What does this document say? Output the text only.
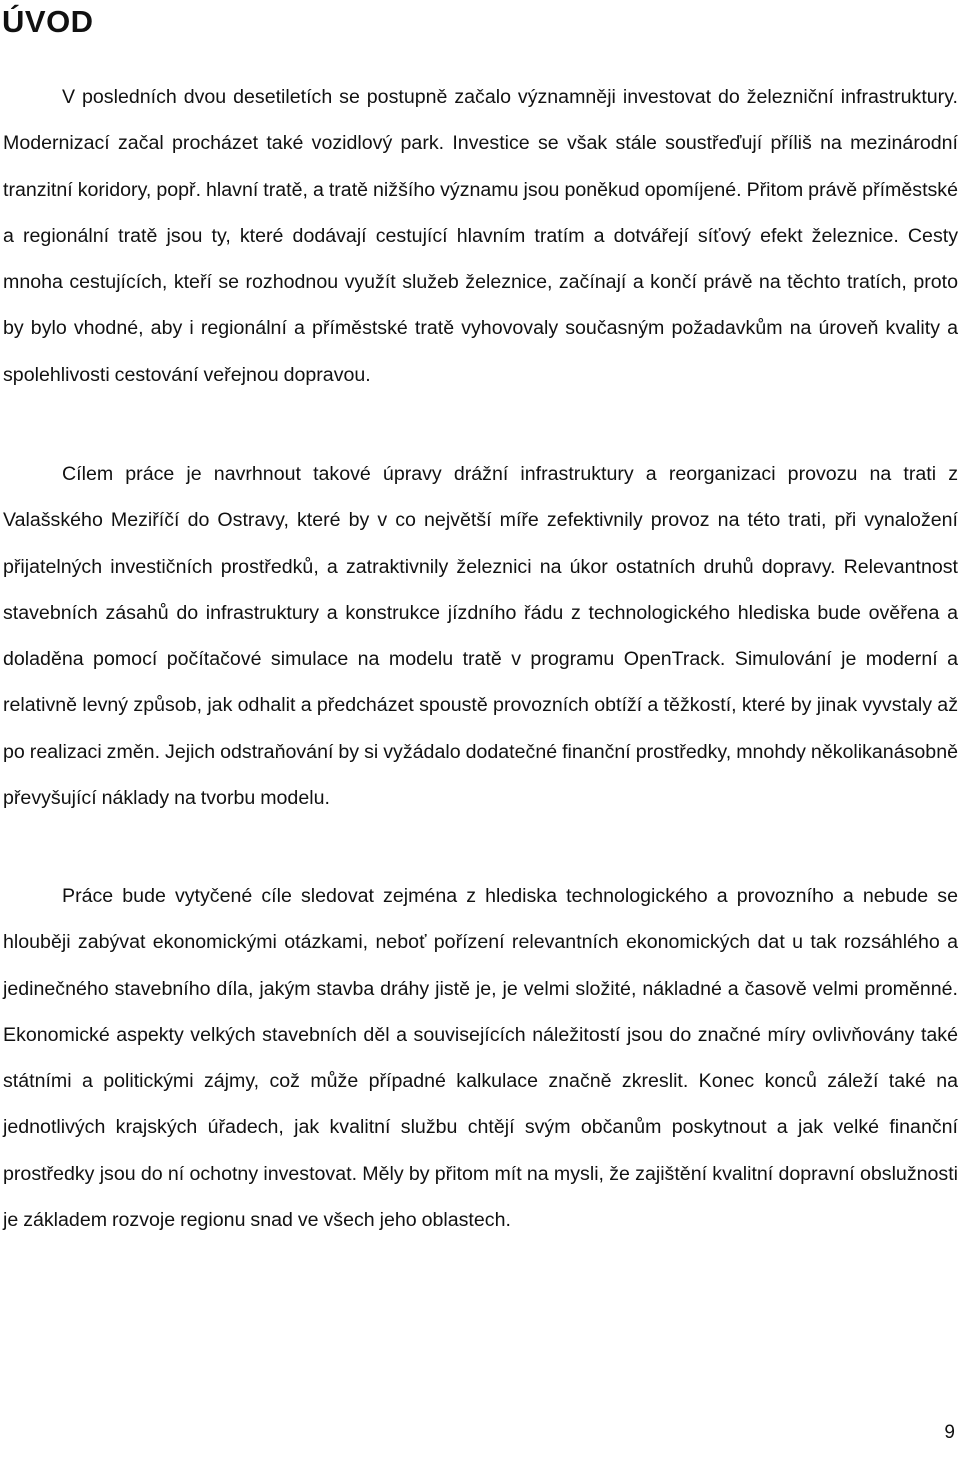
ÚVOD

V posledních dvou desetiletích se postupně začalo významněji investovat do železniční infrastruktury. Modernizací začal procházet také vozidlový park. Investice se však stále soustřeďují příliš na mezinárodní tranzitní koridory, popř. hlavní tratě, a tratě nižšího významu jsou poněkud opomíjené. Přitom právě příměstské a regionální tratě jsou ty, které dodávají cestující hlavním tratím a dotvářejí síťový efekt železnice. Cesty mnoha cestujících, kteří se rozhodnou využít služeb železnice, začínají a končí právě na těchto tratích, proto by bylo vhodné, aby i regionální a příměstské tratě vyhovovaly současným požadavkům na úroveň kvality a spolehlivosti cestování veřejnou dopravou.

Cílem práce je navrhnout takové úpravy drážní infrastruktury a reorganizaci provozu na trati z Valašského Meziříčí do Ostravy, které by v co největší míře zefektivnily provoz na této trati, při vynaložení přijatelných investičních prostředků, a zatraktivnily železnici na úkor ostatních druhů dopravy. Relevantnost stavebních zásahů do infrastruktury a konstrukce jízdního řádu z technologického hlediska bude ověřena a doladěna pomocí počítačové simulace na modelu tratě v programu OpenTrack. Simulování je moderní a relativně levný způsob, jak odhalit a předcházet spoustě provozních obtíží a těžkostí, které by jinak vyvstaly až po realizaci změn. Jejich odstraňování by si vyžádalo dodatečné finanční prostředky, mnohdy několikanásobně převyšující náklady na tvorbu modelu.

Práce bude vytyčené cíle sledovat zejména z hlediska technologického a provozního a nebude se hlouběji zabývat ekonomickými otázkami, neboť pořízení relevantních ekonomických dat u tak rozsáhlého a jedinečného stavebního díla, jakým stavba dráhy jistě je, je velmi složité, nákladné a časově velmi proměnné. Ekonomické aspekty velkých stavebních děl a souvisejících náležitostí jsou do značné míry ovlivňovány také státními a politickými zájmy, což může případné kalkulace značně zkreslit. Konec konců záleží také na jednotlivých krajských úřadech, jak kvalitní službu chtějí svým občanům poskytnout a jak velké finanční prostředky jsou do ní ochotny investovat. Měly by přitom mít na mysli, že zajištění kvalitní dopravní obslužnosti je základem rozvoje regionu snad ve všech jeho oblastech.

9
